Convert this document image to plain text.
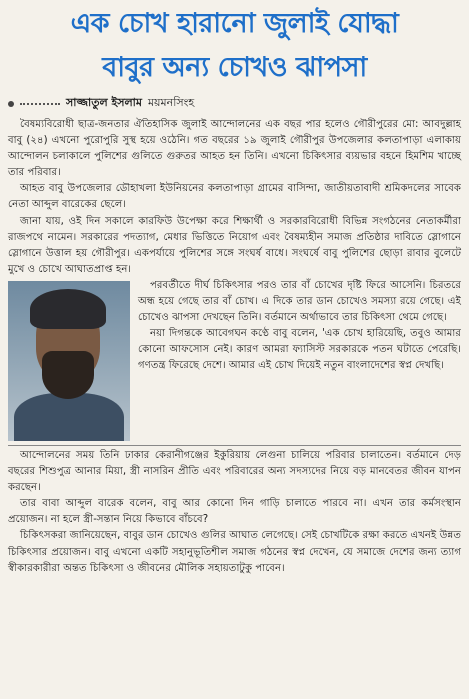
এক চোখ হারানো জুলাই যোদ্ধা
বাবুর অন্য চোখও ঝাপসা
সাজ্জাতুল ইসলাম ময়মনসিংহ

বৈষম্যবিরোধী ছাত্র-জনতার ঐতিহাসিক জুলাই আন্দোলনের এক বছর পার হলেও গৌরীপুরের মো: আবদুল্লাহ বাবু (২৪) এখনো পুরোপুরি সুস্থ হয়ে ওঠেনি। গত বছরের ১৯ জুলাই গৌরীপুর উপজেলার কলতাপাড়া এলাকায় আন্দোলন চলাকালে পুলিশের গুলিতে গুরুতর আহত হন তিনি। এখনো চিকিৎসার ব্যয়ভার বহনে হিমশিম খাচ্ছে তার পরিবার।

আহত বাবু উপজেলার ডৌহাখলা ইউনিয়নের কলতাপাড়া গ্রামের বাসিন্দা, জাতীয়তাবাদী শ্রমিকদলের সাবেক নেতা আব্দুল বারেকের ছেলে।

জানা যায়, ওই দিন সকালে কারফিউ উপেক্ষা করে শিক্ষার্থী ও সরকারবিরোধী বিভিন্ন সংগঠনের নেতাকর্মীরা রাজপথে নামেন। সরকারের পদত্যাগ, মেধার ভিত্তিতে নিয়োগ এবং বৈষম্যহীন সমাজ প্রতিষ্ঠার দাবিতে স্লোগানে স্লোগানে উত্তাল হয় গৌরীপুর। একপর্যায়ে পুলিশের সঙ্গে সংঘর্ষ বাধে। সংঘর্ষে বাবু পুলিশের ছোড়া রাবার বুলেটে মুখে ও চোখে আঘাতপ্রাপ্ত হন।

পরবর্তীতে দীর্ঘ চিকিৎসার পরও তার বাঁ চোখের দৃষ্টি ফিরে আসেনি। চিরতরে অন্ধ হয়ে গেছে তার বাঁ চোখ। এ দিকে তার ডান চোখেও সমস্যা রয়ে গেছে। এই চোখেও ঝাপসা দেখছেন তিনি। বর্তমানে অর্থাভাবে তার চিকিৎসা থেমে গেছে।

নয়া দিগন্তকে আবেগঘন কণ্ঠে বাবু বলেন, 'এক চোখ হারিয়েছি, তবুও আমার কোনো আফসোস নেই। কারণ আমরা ফ্যাসিস্ট সরকারকে পতন ঘটাতে পেরেছি। গণতন্ত্র ফিরেছে দেশে। আমার এই চোখ দিয়েই নতুন বাংলাদেশের স্বপ্ন দেখছি।

আন্দোলনের সময় তিনি ঢাকার কেরানীগঞ্জের ইকুরিয়ায় লেগুনা চালিয়ে পরিবার চালাতেন। বর্তমানে দেড় বছরের শিশুপুত্র আনার মিয়া, স্ত্রী নাসরিন প্রীতি এবং পরিবারের অন্য সদস্যদের নিয়ে বড় মানবেতর জীবন যাপন করছেন।

তার বাবা আব্দুল বারেক বলেন, বাবু আর কোনো দিন গাড়ি চালাতে পারবে না। এখন তার কর্মসংস্থান প্রয়োজন। না হলে স্ত্রী-সন্তান নিয়ে কিভাবে বাঁচবে?

চিকিৎসকরা জানিয়েছেন, বাবুর ডান চোখেও গুলির আঘাত লেগেছে। সেই চোখটিকে রক্ষা করতে এখনই উন্নত চিকিৎসার প্রয়োজন। বাবু এখনো একটি সহানুভূতিশীল সমাজ গঠনের স্বপ্ন দেখেন, যে সমাজে দেশের জন্য ত্যাগ স্বীকারকারীরা অন্তত চিকিৎসা ও জীবনের মৌলিক সহায়তাটুকু পাবেন।
